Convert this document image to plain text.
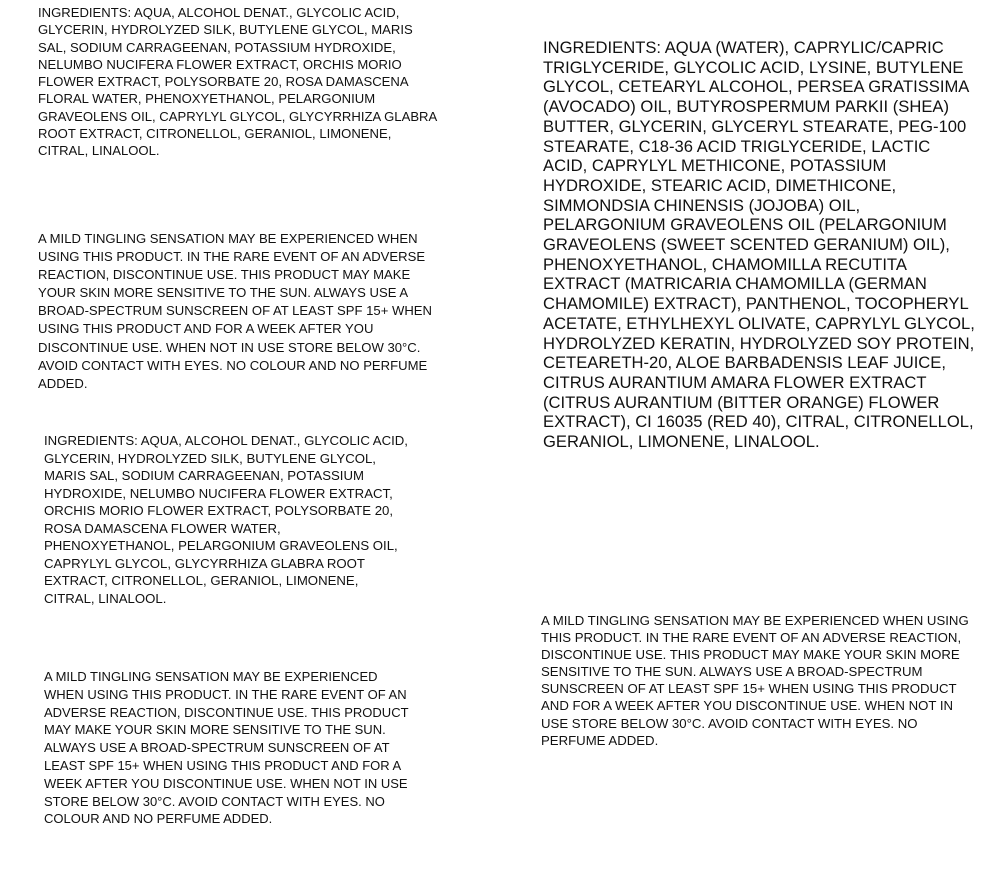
INGREDIENTS: AQUA, ALCOHOL DENAT., GLYCOLIC ACID, GLYCERIN, HYDROLYZED SILK, BUTYLENE GLYCOL, MARIS SAL, SODIUM CARRAGEENAN, POTASSIUM HYDROXIDE, NELUMBO NUCIFERA FLOWER EXTRACT, ORCHIS MORIO FLOWER EXTRACT, POLYSORBATE 20, ROSA DAMASCENA FLORAL WATER, PHENOXYETHANOL, PELARGONIUM GRAVEOLENS OIL, CAPRYLYL GLYCOL, GLYCYRRHIZA GLABRA ROOT EXTRACT, CITRONELLOL, GERANIOL, LIMONENE, CITRAL, LINALOOL.

A MILD TINGLING SENSATION MAY BE EXPERIENCED WHEN USING THIS PRODUCT. IN THE RARE EVENT OF AN ADVERSE REACTION, DISCONTINUE USE. THIS PRODUCT MAY MAKE YOUR SKIN MORE SENSITIVE TO THE SUN. ALWAYS USE A BROAD-SPECTRUM SUNSCREEN OF AT LEAST SPF 15+ WHEN USING THIS PRODUCT AND FOR A WEEK AFTER YOU DISCONTINUE USE. WHEN NOT IN USE STORE BELOW 30°C. AVOID CONTACT WITH EYES. NO COLOUR AND NO PERFUME ADDED.

INGREDIENTS: AQUA, ALCOHOL DENAT., GLYCOLIC ACID, GLYCERIN, HYDROLYZED SILK, BUTYLENE GLYCOL, MARIS SAL, SODIUM CARRAGEENAN, POTASSIUM HYDROXIDE, NELUMBO NUCIFERA FLOWER EXTRACT, ORCHIS MORIO FLOWER EXTRACT, POLYSORBATE 20, ROSA DAMASCENA FLOWER WATER, PHENOXYETHANOL, PELARGONIUM GRAVEOLENS OIL, CAPRYLYL GLYCOL, GLYCYRRHIZA GLABRA ROOT EXTRACT, CITRONELLOL, GERANIOL, LIMONENE, CITRAL, LINALOOL.

A MILD TINGLING SENSATION MAY BE EXPERIENCED WHEN USING THIS PRODUCT. IN THE RARE EVENT OF AN ADVERSE REACTION, DISCONTINUE USE. THIS PRODUCT MAY MAKE YOUR SKIN MORE SENSITIVE TO THE SUN. ALWAYS USE A BROAD-SPECTRUM SUNSCREEN OF AT LEAST SPF 15+ WHEN USING THIS PRODUCT AND FOR A WEEK AFTER YOU DISCONTINUE USE. WHEN NOT IN USE STORE BELOW 30°C. AVOID CONTACT WITH EYES. NO COLOUR AND NO PERFUME ADDED.

INGREDIENTS: AQUA (WATER), CAPRYLIC/CAPRIC TRIGLYCERIDE, GLYCOLIC ACID, LYSINE, BUTYLENE GLYCOL, CETEARYL ALCOHOL, PERSEA GRATISSIMA (AVOCADO) OIL, BUTYROSPERMUM PARKII (SHEA) BUTTER, GLYCERIN, GLYCERYL STEARATE, PEG-100 STEARATE, C18-36 ACID TRIGLYCERIDE, LACTIC ACID, CAPRYLYL METHICONE, POTASSIUM HYDROXIDE, STEARIC ACID, DIMETHICONE, SIMMONDSIA CHINENSIS (JOJOBA) OIL, PELARGONIUM GRAVEOLENS OIL (PELARGONIUM GRAVEOLENS (SWEET SCENTED GERANIUM) OIL), PHENOXYETHANOL, CHAMOMILLA RECUTITA EXTRACT (MATRICARIA CHAMOMILLA (GERMAN CHAMOMILE) EXTRACT), PANTHENOL, TOCOPHERYL ACETATE, ETHYLHEXYL OLIVATE, CAPRYLYL GLYCOL, HYDROLYZED KERATIN, HYDROLYZED SOY PROTEIN, CETEARETH-20, ALOE BARBADENSIS LEAF JUICE, CITRUS AURANTIUM AMARA FLOWER EXTRACT (CITRUS AURANTIUM (BITTER ORANGE) FLOWER EXTRACT), CI 16035 (RED 40), CITRAL, CITRONELLOL, GERANIOL, LIMONENE, LINALOOL.

A MILD TINGLING SENSATION MAY BE EXPERIENCED WHEN USING THIS PRODUCT. IN THE RARE EVENT OF AN ADVERSE REACTION, DISCONTINUE USE. THIS PRODUCT MAY MAKE YOUR SKIN MORE SENSITIVE TO THE SUN. ALWAYS USE A BROAD-SPECTRUM SUNSCREEN OF AT LEAST SPF 15+ WHEN USING THIS PRODUCT AND FOR A WEEK AFTER YOU DISCONTINUE USE. WHEN NOT IN USE STORE BELOW 30°C. AVOID CONTACT WITH EYES. NO PERFUME ADDED.
